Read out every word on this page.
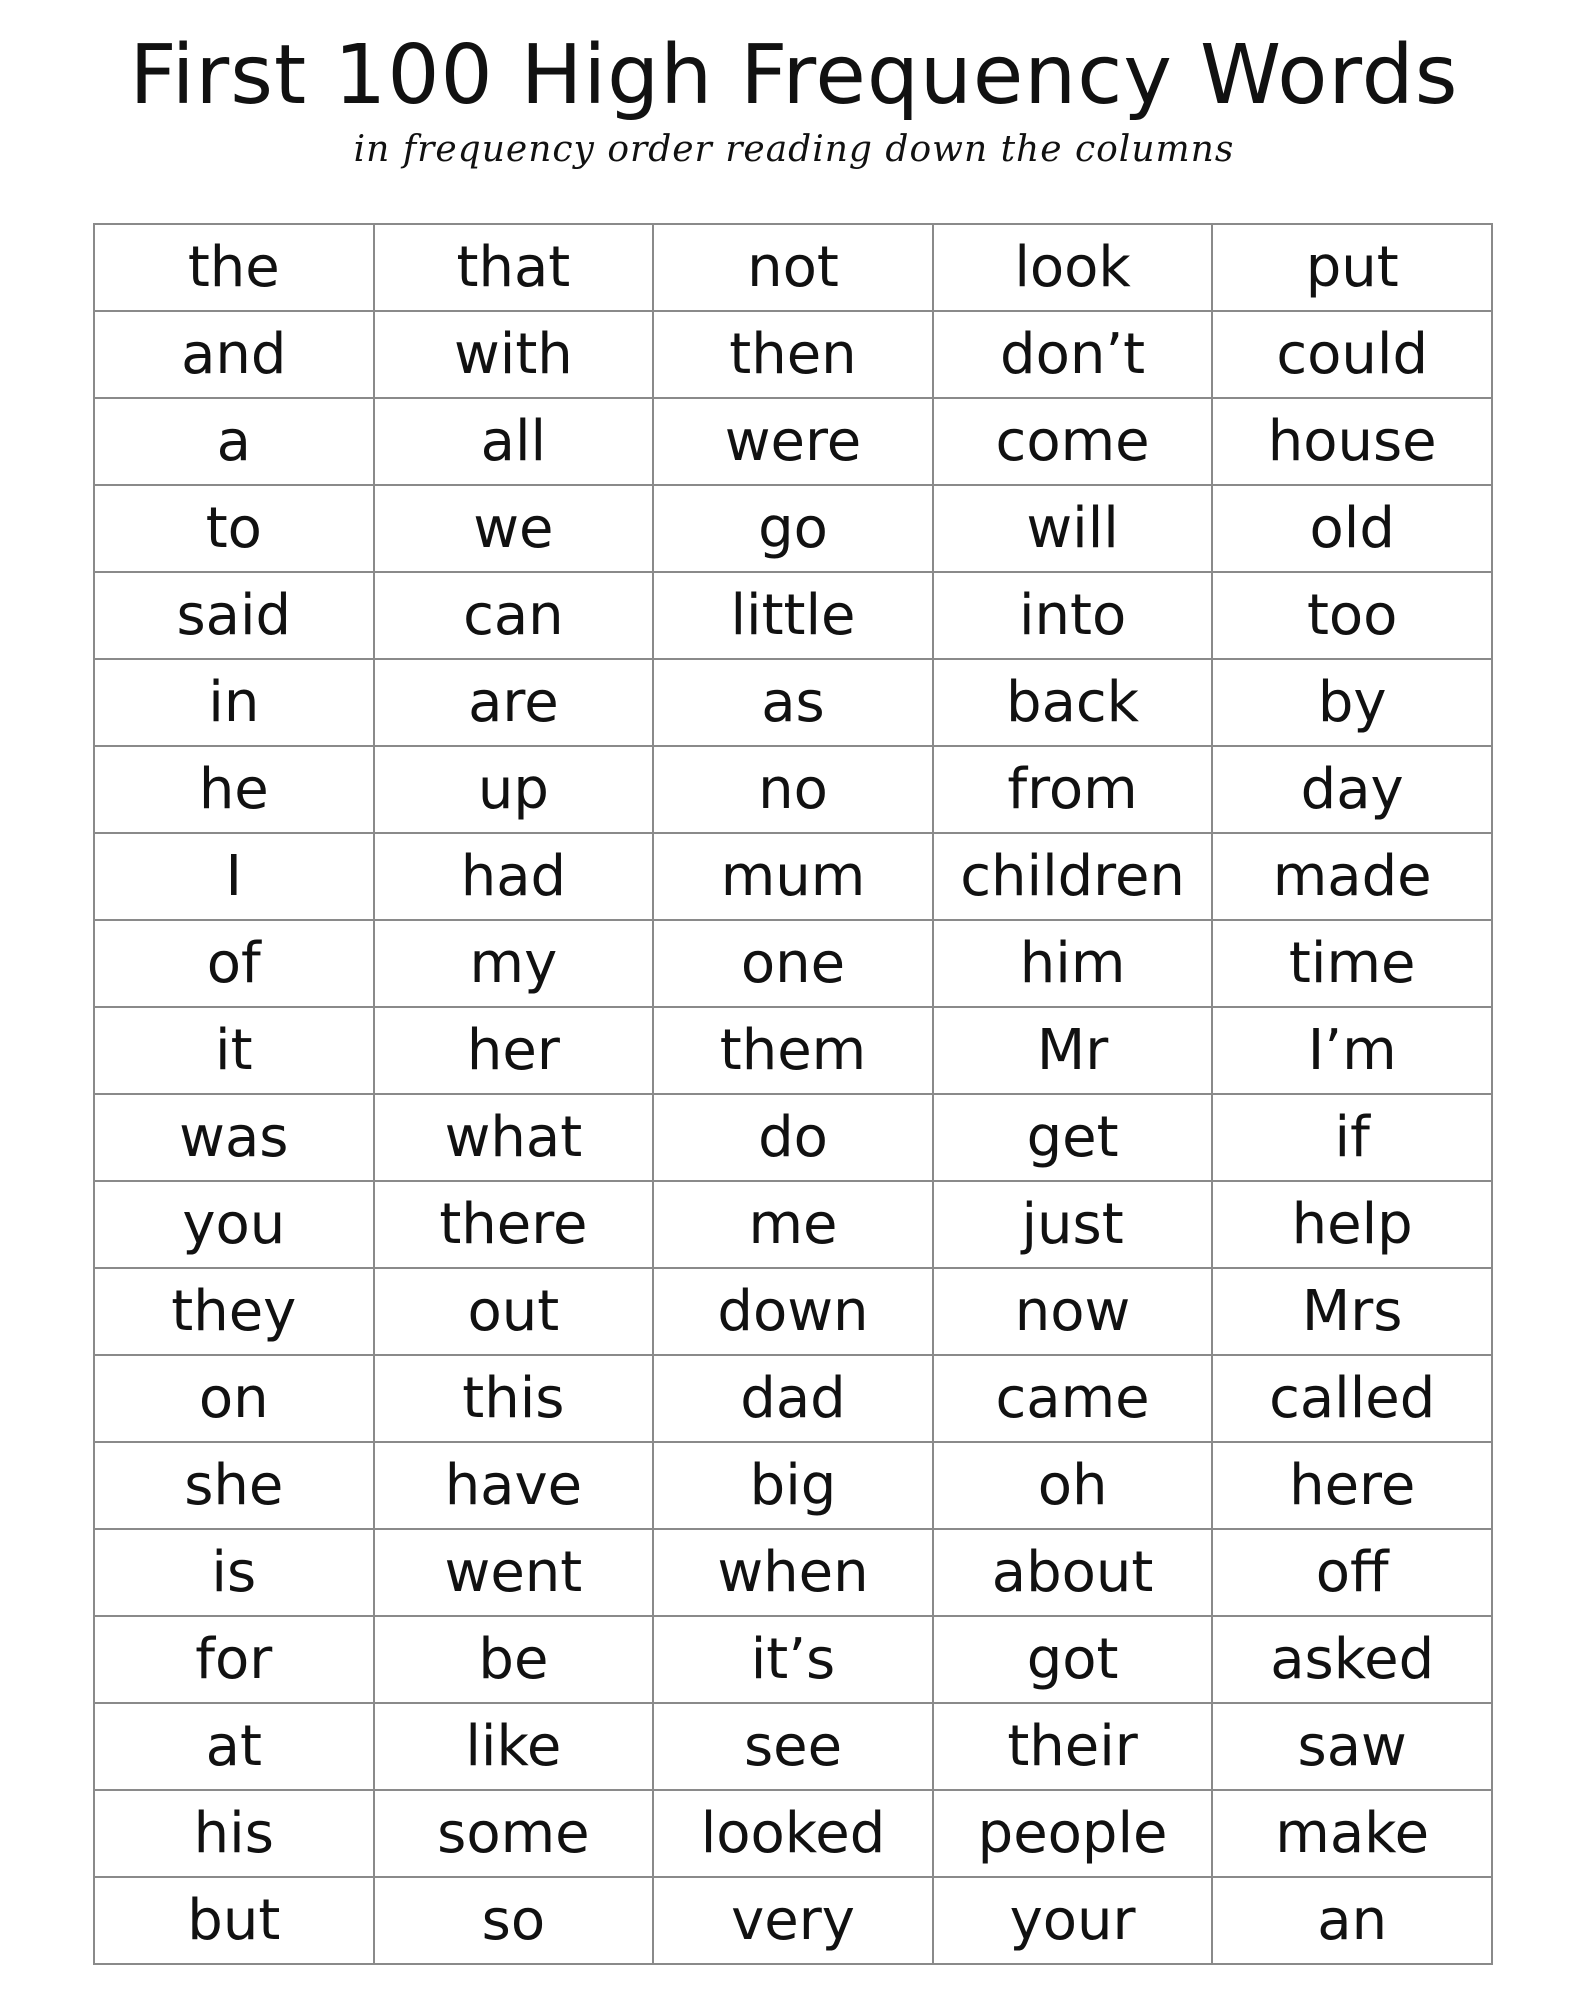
First 100 High Frequency Words

in frequency order reading down the columns

the	that	not	look	put
and	with	then	don’t	could
a	all	were	come	house
to	we	go	will	old
said	can	little	into	too
in	are	as	back	by
he	up	no	from	day
I	had	mum	children	made
of	my	one	him	time
it	her	them	Mr	I’m
was	what	do	get	if
you	there	me	just	help
they	out	down	now	Mrs
on	this	dad	came	called
she	have	big	oh	here
is	went	when	about	off
for	be	it’s	got	asked
at	like	see	their	saw
his	some	looked	people	make
but	so	very	your	an
